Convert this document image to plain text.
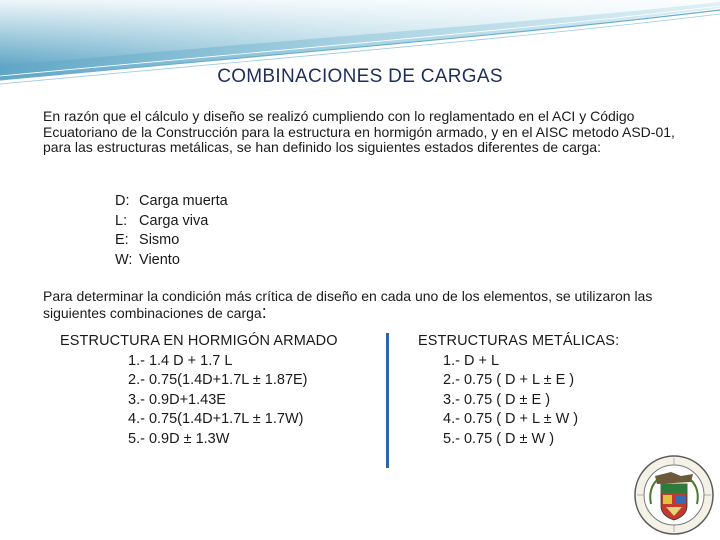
COMBINACIONES DE CARGAS
En razón que el cálculo y diseño se realizó cumpliendo con lo reglamentado en el ACI y Código Ecuatoriano de la Construcción para la estructura en hormigón armado, y en el AISC metodo ASD-01, para las estructuras metálicas, se han definido los siguientes estados diferentes de carga:
D: Carga muerta
L: Carga viva
E: Sismo
W: Viento
Para determinar la condición más crítica de diseño en cada uno de los elementos, se utilizaron las siguientes combinaciones de carga:
ESTRUCTURA EN HORMIGÓN ARMADO
1.- 1.4 D + 1.7 L
2.- 0.75(1.4D+1.7L ± 1.87E)
3.- 0.9D+1.43E
4.- 0.75(1.4D+1.7L ± 1.7W)
5.- 0.9D ± 1.3W
ESTRUCTURAS METÁLICAS:
1.- D + L
2.- 0.75 ( D + L ± E )
3.- 0.75 ( D ± E )
4.- 0.75 ( D + L ± W )
5.- 0.75 ( D ± W )
